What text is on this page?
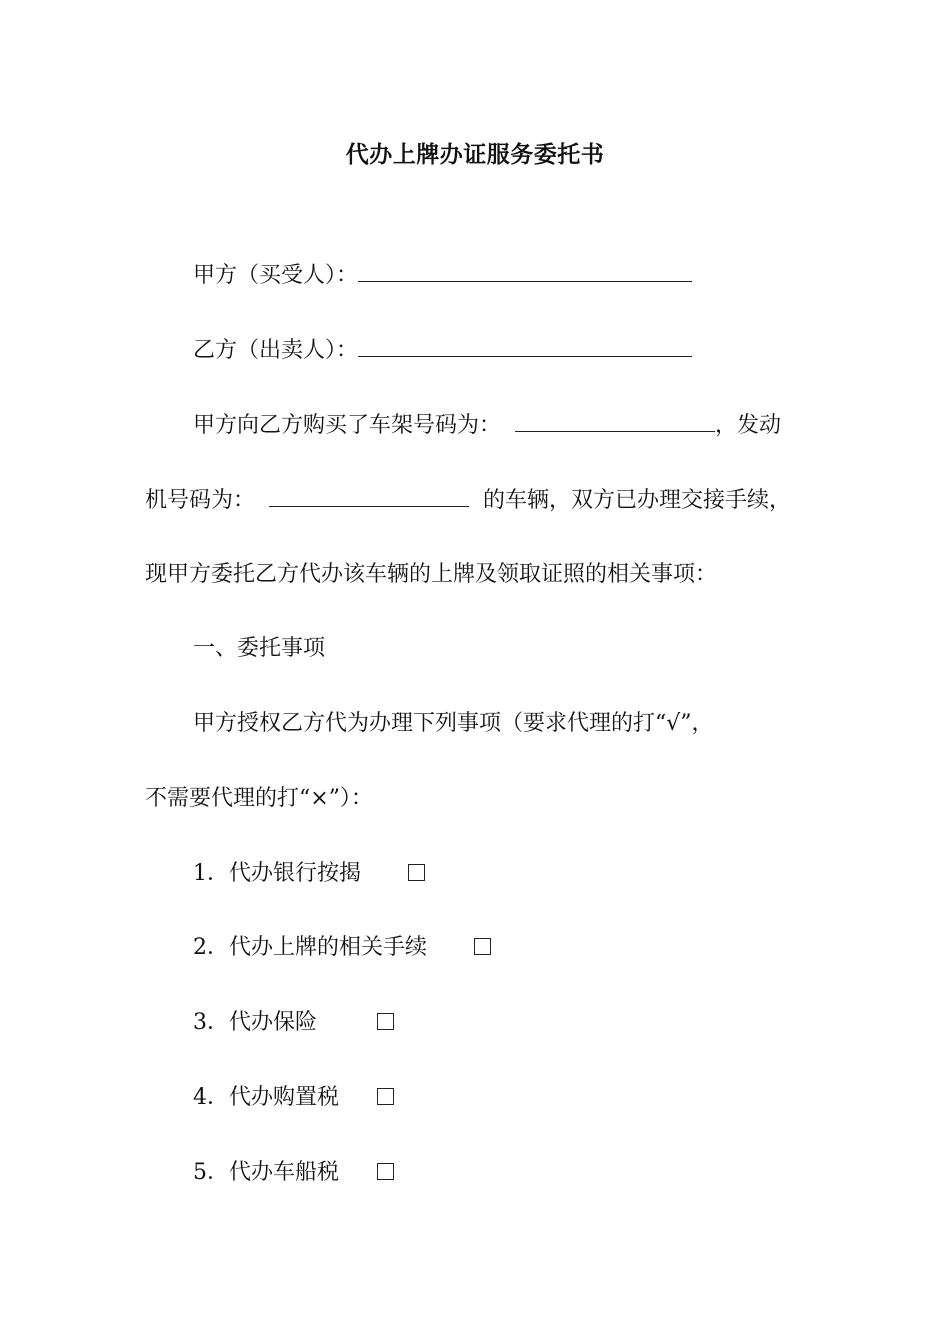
代办上牌办证服务委托书
甲方（买受人）：
乙方（出卖人）：
甲方向乙方购买了车架号码为：	，发动
机号码为：	的车辆，双方已办理交接手续，
现甲方委托乙方代办该车辆的上牌及领取证照的相关事项：
一、委托事项
甲方授权乙方代为办理下列事项（要求代理的打“√”，
不需要代理的打“×”）：
1．代办银行按揭
2．代办上牌的相关手续
3．代办保险
4．代办购置税
5．代办车船税
